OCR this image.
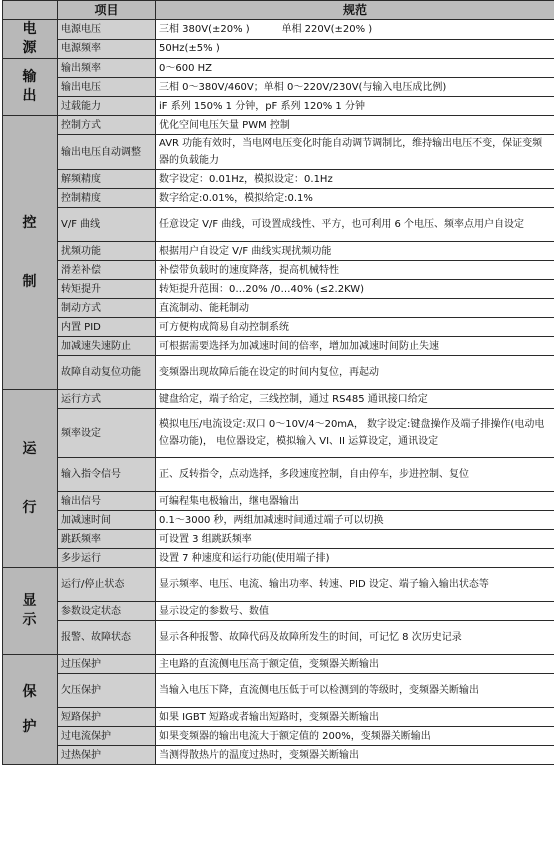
	项目	规范

电
源	电源电压	三相 380V(±20% )          单相 220V(±20% )
	电源频率	50Hz(±5% )

输
出	输出频率	0～600 HZ
	输出电压	三相 0～380V/460V；单相 0～220V/230V(与输入电压成比例)
	过载能力	iF 系列 150% 1 分钟，pF 系列 120% 1 分钟

控
制	控制方式	优化空间电压矢量 PWM 控制
	输出电压自动调整	AVR 功能有效时，当电网电压变化时能自动调节调制比，维持输出电压不变，保证变频器的负载能力
	解频精度	数字设定：0.01Hz，模拟设定：0.1Hz
	控制精度	数字给定:0.01%，模拟给定:0.1%
	V/F 曲线	任意设定 V/F 曲线，可设置成线性、平方，也可利用 6 个电压、频率点用户自设定
	扰频功能	根据用户自设定 V/F 曲线实现扰频功能
	滑差补偿	补偿带负载时的速度降落，提高机械特性
	转矩提升	转矩提升范围：0…20% /0…40% (≤2.2KW)
	制动方式	直流制动、能耗制动
	内置 PID	可方便构成简易自动控制系统
	加减速失速防止	可根据需要选择为加减速时间的倍率，增加加减速时间防止失速
	故障自动复位功能	变频器出现故障后能在设定的时间内复位，再起动

运
行	运行方式	键盘给定，端子给定，三线控制，通过 RS485 通讯接口给定
	频率设定	模拟电压/电流设定:双口 0～10V/4～20mA， 数字设定:键盘操作及端子排操作(电动电位器功能)， 电位器设定，模拟输入 VI、II 运算设定，通讯设定
	输入指令信号	正、反转指令，点动选择，多段速度控制，自由停车，步进控制、复位
	输出信号	可编程集电极输出，继电器输出
	加减速时间	0.1～3000 秒，两组加减速时间通过端子可以切换
	跳跃频率	可设置 3 组跳跃频率
	多步运行	设置 7 种速度和运行功能(使用端子排)

显
示	运行/停止状态	显示频率、电压、电流、输出功率、转速、PID 设定、端子输入输出状态等
	参数设定状态	显示设定的参数号、数值
	报警、故障状态	显示各种报警、故障代码及故障所发生的时间，可记忆 8 次历史记录

保
护	过压保护	主电路的直流侧电压高于额定值，变频器关断输出
	欠压保护	当输入电压下降，直流侧电压低于可以检测到的等级时，变频器关断输出
	短路保护	如果 IGBT 短路或者输出短路时，变频器关断输出
	过电流保护	如果变频器的输出电流大于额定值的 200%，变频器关断输出
	过热保护	当测得散热片的温度过热时，变频器关断输出
